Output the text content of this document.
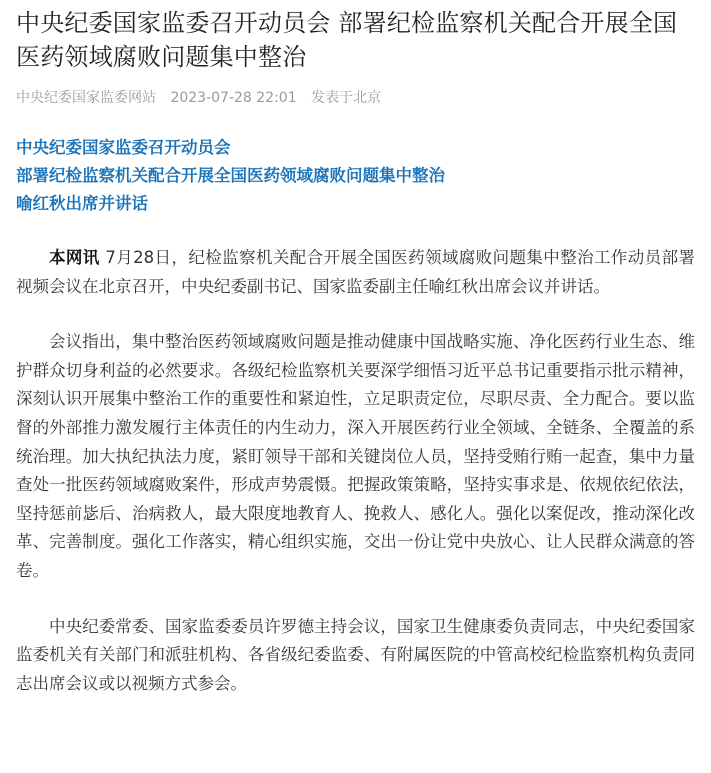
中央纪委国家监委召开动员会 部署纪检监察机关配合开展全国医药领域腐败问题集中整治
中央纪委国家监委网站 2023-07-28 22:01 发表于北京

中央纪委国家监委召开动员会

部署纪检监察机关配合开展全国医药领域腐败问题集中整治

喻红秋出席并讲话

本网讯 7月28日，纪检监察机关配合开展全国医药领域腐败问题集中整治工作动员部署视频会议在北京召开，中央纪委副书记、国家监委副主任喻红秋出席会议并讲话。

会议指出，集中整治医药领域腐败问题是推动健康中国战略实施、净化医药行业生态、维护群众切身利益的必然要求。各级纪检监察机关要深学细悟习近平总书记重要指示批示精神，深刻认识开展集中整治工作的重要性和紧迫性，立足职责定位，尽职尽责、全力配合。要以监督的外部推力激发履行主体责任的内生动力，深入开展医药行业全领域、全链条、全覆盖的系统治理。加大执纪执法力度，紧盯领导干部和关键岗位人员，坚持受贿行贿一起查，集中力量查处一批医药领域腐败案件，形成声势震慑。把握政策策略，坚持实事求是、依规依纪依法，坚持惩前毖后、治病救人，最大限度地教育人、挽救人、感化人。强化以案促改，推动深化改革、完善制度。强化工作落实，精心组织实施，交出一份让党中央放心、让人民群众满意的答卷。

中央纪委常委、国家监委委员许罗德主持会议，国家卫生健康委负责同志，中央纪委国家监委机关有关部门和派驻机构、各省级纪委监委、有附属医院的中管高校纪检监察机构负责同志出席会议或以视频方式参会。
